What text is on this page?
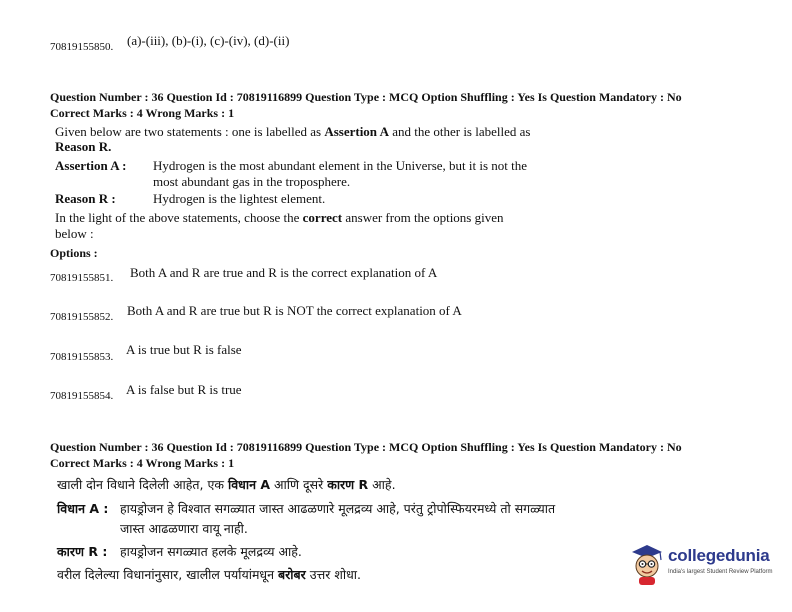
70819155850. (a)-(iii), (b)-(i), (c)-(iv), (d)-(ii)
Question Number : 36 Question Id : 70819116899 Question Type : MCQ Option Shuffling : Yes Is Question Mandatory : No
Correct Marks : 4 Wrong Marks : 1
Given below are two statements : one is labelled as Assertion A and the other is labelled as
Reason R.
Assertion A : Hydrogen is the most abundant element in the Universe, but it is not the
most abundant gas in the troposphere.
Reason R :	Hydrogen is the lightest element.
In the light of the above statements, choose the correct answer from the options given
below :
Options :
70819155851. Both A and R are true and R is the correct explanation of A
70819155852. Both A and R are true but R is NOT the correct explanation of A
70819155853. A is true but R is false
70819155854. A is false but R is true
Question Number : 36 Question Id : 70819116899 Question Type : MCQ Option Shuffling : Yes Is Question Mandatory : No
Correct Marks : 4 Wrong Marks : 1
खाली दोन विधाने दिलेली आहेत, एक विधान A आणि दूसरे कारण R आहे.
विधान A : हायड्रोजन हे विश्वात सगळ्यात जास्त आढळणारे मूलद्रव्य आहे, परंतु ट्रोपोस्फियरमध्ये तो सगळ्यात
जास्त आढळणारा वायू नाही.
कारण R : हायड्रोजन सगळ्यात हलके मूलद्रव्य आहे.
वरील दिलेल्या विधानांनुसार, खालील पर्यायांमधून बरोबर उत्तर शोधा.
collegedunia
India's largest Student Review Platform
